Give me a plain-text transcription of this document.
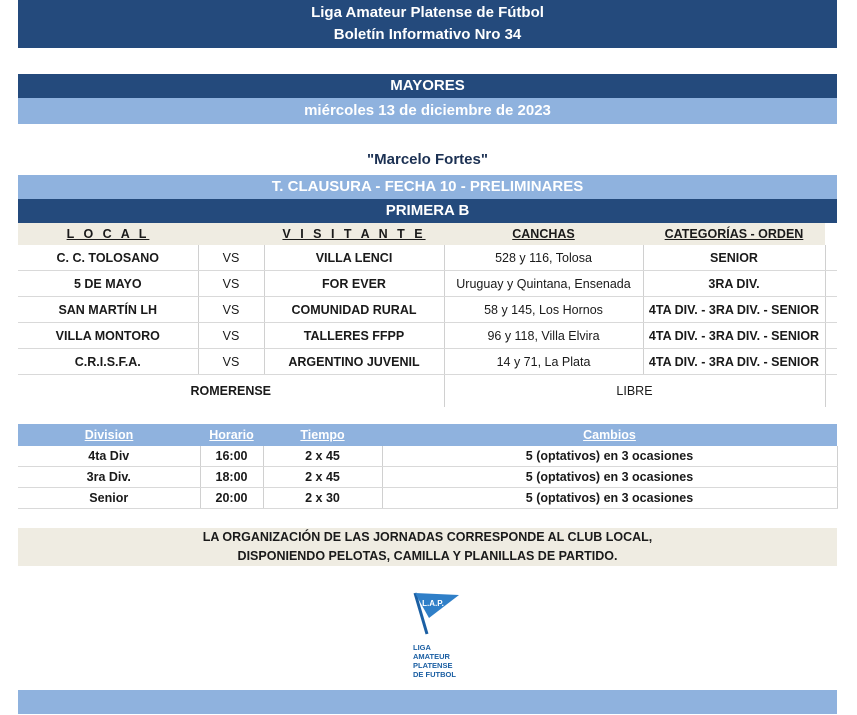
Liga Amateur Platense de Fútbol
Boletín Informativo Nro 34
MAYORES
miércoles 13 de diciembre de 2023
"Marcelo Fortes"
T. CLAUSURA - FECHA 10 - PRELIMINARES
PRIMERA B
L O C A L		V I S I T A N T E	CANCHAS	CATEGORÍAS - ORDEN	
C. C. TOLOSANO	VS	VILLA LENCI	528 y 116, Tolosa	SENIOR	
5 DE MAYO	VS	FOR EVER	Uruguay y Quintana, Ensenada	3RA DIV.	
SAN MARTÍN LH	VS	COMUNIDAD RURAL	58 y 145, Los Hornos	4TA DIV. - 3RA DIV. - SENIOR	
VILLA MONTORO	VS	TALLERES FFPP	96 y 118, Villa Elvira	4TA DIV. - 3RA DIV. - SENIOR	
C.R.I.S.F.A.	VS	ARGENTINO JUVENIL	14 y 71, La Plata	4TA DIV. - 3RA DIV. - SENIOR	
ROMERENSE			LIBRE		
Division	Horario	Tiempo	Cambios
4ta Div	16:00	2 x 45	5 (optativos) en 3 ocasiones
3ra Div.	18:00	2 x 45	5 (optativos) en 3 ocasiones
Senior	20:00	2 x 30	5 (optativos) en 3 ocasiones
LA ORGANIZACIÓN DE LAS JORNADAS CORRESPONDE AL CLUB LOCAL,
DISPONIENDO PELOTAS, CAMILLA Y PLANILLAS DE PARTIDO.
L.A.P.
LIGA
AMATEUR
PLATENSE
DE FUTBOL
